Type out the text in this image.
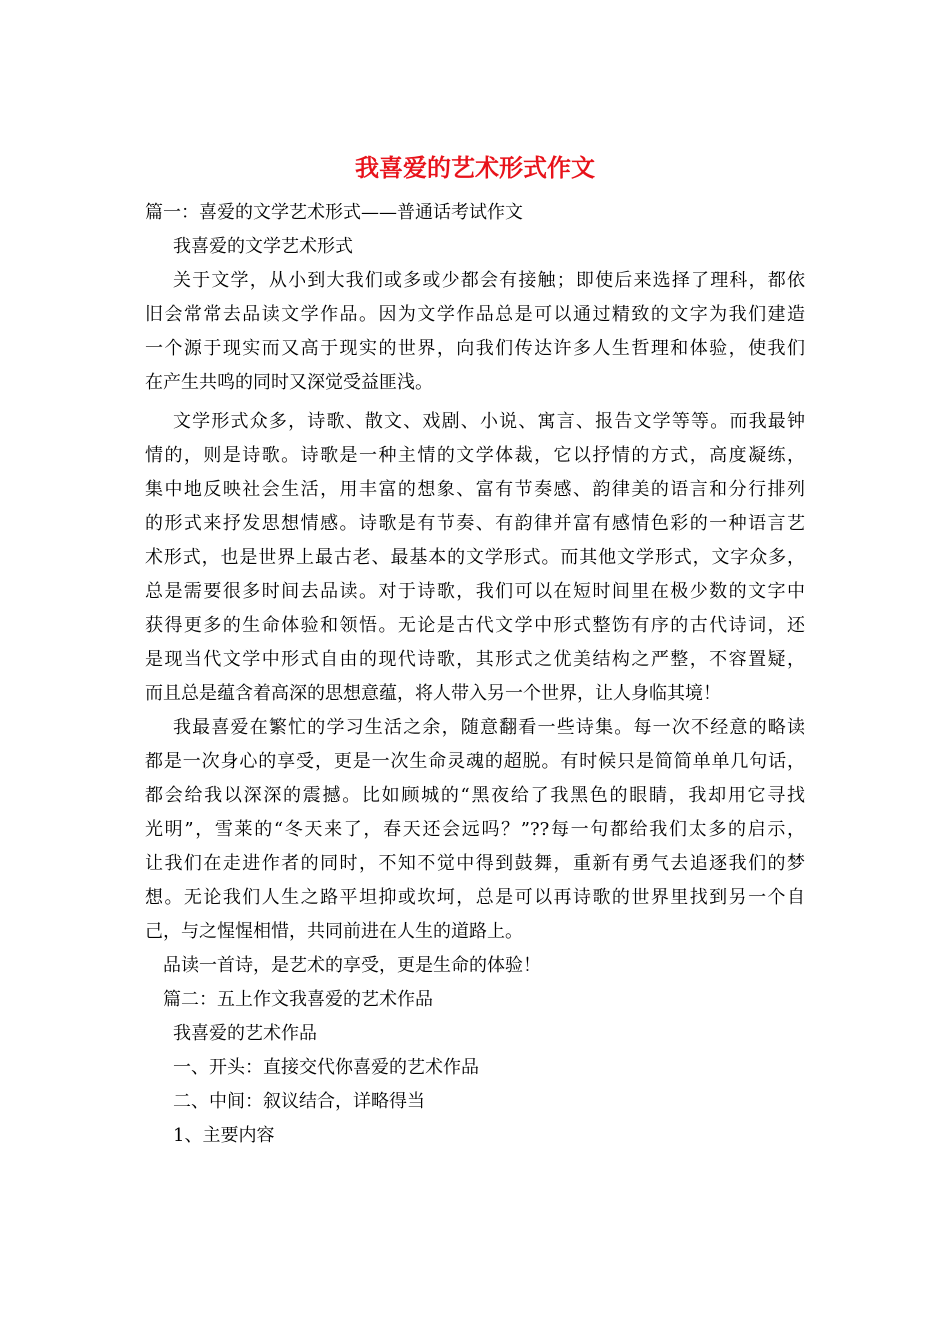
我喜爱的艺术形式作文
篇一：喜爱的文学艺术形式——普通话考试作文
我喜爱的文学艺术形式
关于文学，从小到大我们或多或少都会有接触；即使后来选择了理科，都依
旧会常常去品读文学作品。因为文学作品总是可以通过精致的文字为我们建造
一个源于现实而又高于现实的世界，向我们传达许多人生哲理和体验，使我们
在产生共鸣的同时又深觉受益匪浅。
文学形式众多，诗歌、散文、戏剧、小说、寓言、报告文学等等。而我最钟
情的，则是诗歌。诗歌是一种主情的文学体裁，它以抒情的方式，高度凝练，
集中地反映社会生活，用丰富的想象、富有节奏感、韵律美的语言和分行排列
的形式来抒发思想情感。诗歌是有节奏、有韵律并富有感情色彩的一种语言艺
术形式，也是世界上最古老、最基本的文学形式。而其他文学形式，文字众多，
总是需要很多时间去品读。对于诗歌，我们可以在短时间里在极少数的文字中
获得更多的生命体验和领悟。无论是古代文学中形式整饬有序的古代诗词，还
是现当代文学中形式自由的现代诗歌，其形式之优美结构之严整，不容置疑，
而且总是蕴含着高深的思想意蕴，将人带入另一个世界，让人身临其境！
我最喜爱在繁忙的学习生活之余，随意翻看一些诗集。每一次不经意的略读
都是一次身心的享受，更是一次生命灵魂的超脱。有时候只是简简单单几句话，
都会给我以深深的震撼。比如顾城的“黑夜给了我黑色的眼睛，我却用它寻找
光明”，雪莱的“冬天来了，春天还会远吗？”??每一句都给我们太多的启示，
让我们在走进作者的同时，不知不觉中得到鼓舞，重新有勇气去追逐我们的梦
想。无论我们人生之路平坦抑或坎坷，总是可以再诗歌的世界里找到另一个自
己，与之惺惺相惜，共同前进在人生的道路上。
品读一首诗，是艺术的享受，更是生命的体验！
篇二：五上作文我喜爱的艺术作品
我喜爱的艺术作品
一、开头：直接交代你喜爱的艺术作品
二、中间：叙议结合，详略得当
1、主要内容
